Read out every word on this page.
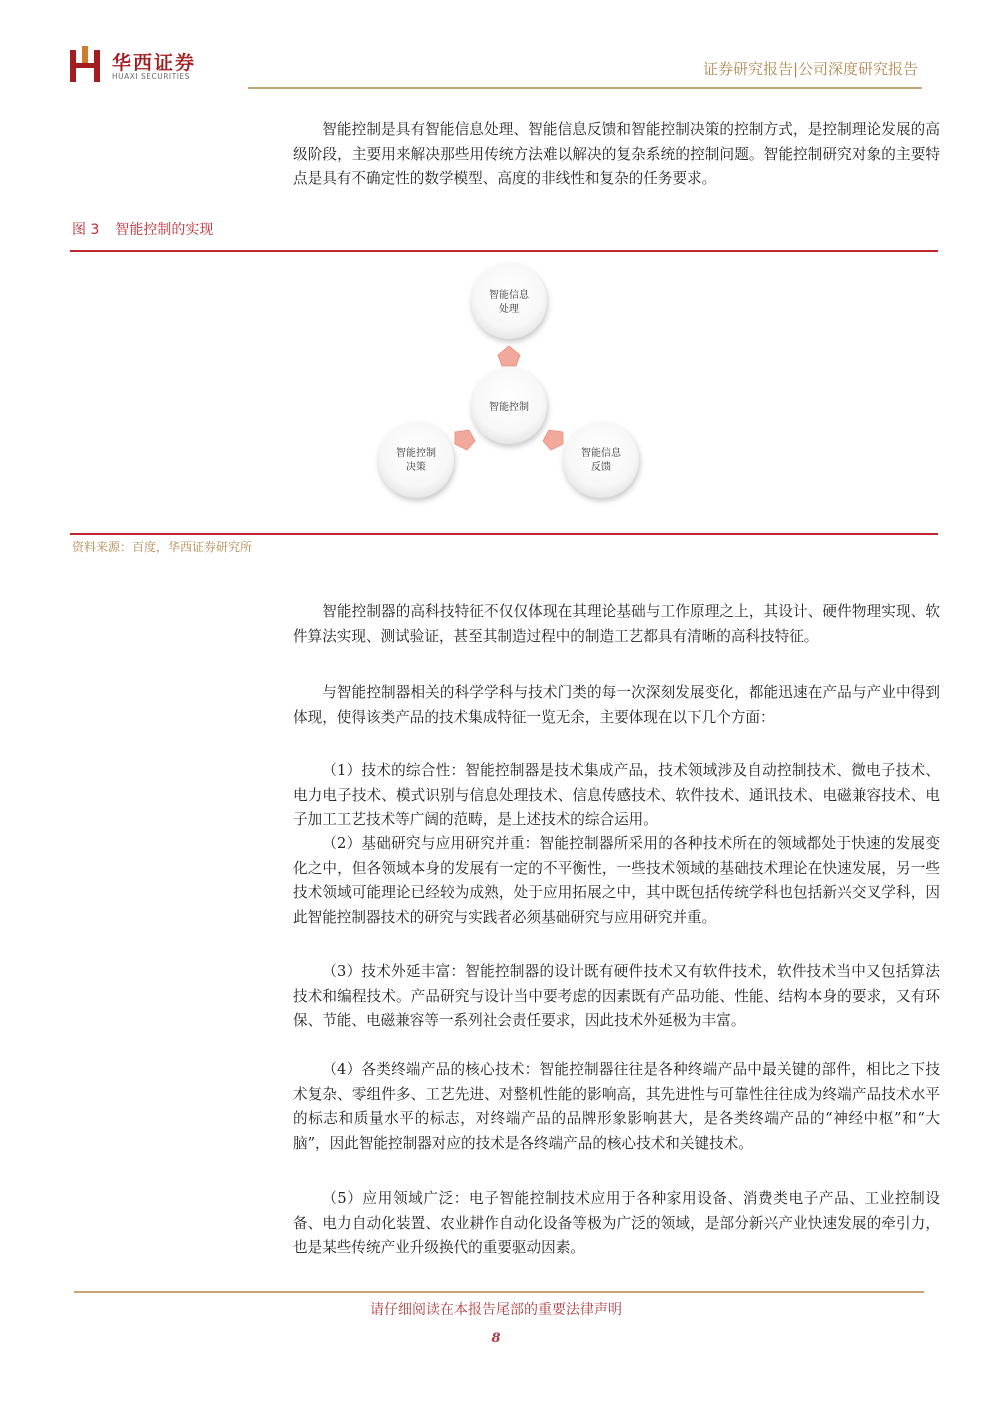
华西证券
HUAXI SECURITIES	证券研究报告|公司深度研究报告

智能控制是具有智能信息处理、智能信息反馈和智能控制决策的控制方式，是控制理论发展的高级阶段，主要用来解决那些用传统方法难以解决的复杂系统的控制问题。智能控制研究对象的主要特点是具有不确定性的数学模型、高度的非线性和复杂的任务要求。

图 3 智能控制的实现
智能信息
处理
智能控制
决策
智能信息
反馈
智能控制
资料来源：百度，华西证券研究所

智能控制器的高科技特征不仅仅体现在其理论基础与工作原理之上，其设计、硬件物理实现、软件算法实现、测试验证，甚至其制造过程中的制造工艺都具有清晰的高科技特征。

与智能控制器相关的科学学科与技术门类的每一次深刻发展变化，都能迅速在产品与产业中得到体现，使得该类产品的技术集成特征一览无余，主要体现在以下几个方面：

（1）技术的综合性：智能控制器是技术集成产品，技术领域涉及自动控制技术、微电子技术、电力电子技术、模式识别与信息处理技术、信息传感技术、软件技术、通讯技术、电磁兼容技术、电子加工工艺技术等广阔的范畴，是上述技术的综合运用。

（2）基础研究与应用研究并重：智能控制器所采用的各种技术所在的领域都处于快速的发展变化之中，但各领域本身的发展有一定的不平衡性，一些技术领域的基础技术理论在快速发展，另一些技术领域可能理论已经较为成熟，处于应用拓展之中，其中既包括传统学科也包括新兴交叉学科，因此智能控制器技术的研究与实践者必须基础研究与应用研究并重。

（3）技术外延丰富：智能控制器的设计既有硬件技术又有软件技术，软件技术当中又包括算法技术和编程技术。产品研究与设计当中要考虑的因素既有产品功能、性能、结构本身的要求，又有环保、节能、电磁兼容等一系列社会责任要求，因此技术外延极为丰富。

（4）各类终端产品的核心技术：智能控制器往往是各种终端产品中最关键的部件，相比之下技术复杂、零组件多、工艺先进、对整机性能的影响高，其先进性与可靠性往往成为终端产品技术水平的标志和质量水平的标志，对终端产品的品牌形象影响甚大，是各类终端产品的“神经中枢”和“大脑”，因此智能控制器对应的技术是各终端产品的核心技术和关键技术。

（5）应用领域广泛：电子智能控制技术应用于各种家用设备、消费类电子产品、工业控制设备、电力自动化装置、农业耕作自动化设备等极为广泛的领域，是部分新兴产业快速发展的牵引力，也是某些传统产业升级换代的重要驱动因素。

请仔细阅读在本报告尾部的重要法律声明
8
